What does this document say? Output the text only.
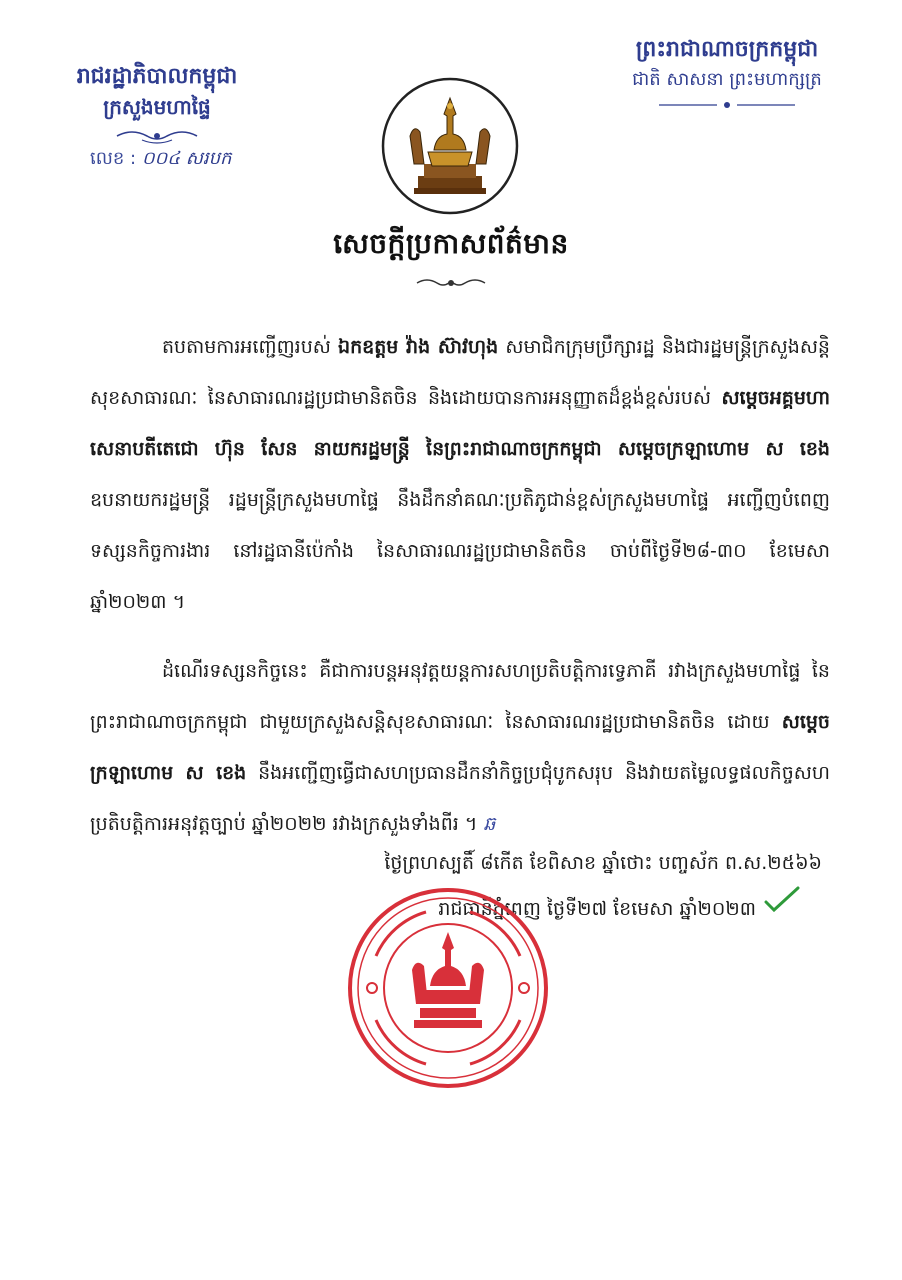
រាជរដ្ឋាភិបាលកម្ពុជា
ក្រសួងមហាផ្ទៃ
លេខ : ០០៤ សរបក
ព្រះរាជាណាចក្រកម្ពុជា
ជាតិ សាសនា ព្រះមហាក្សត្រ
សេចក្ដីប្រកាសព័ត៌មាន

តបតាមការអញ្ជើញរបស់ ឯកឧត្ដម វ៉ាង ស៊ាវហុង សមាជិកក្រុមប្រឹក្សារដ្ឋ និងជារដ្ឋមន្ដ្រីក្រសួងសន្ដិសុខសាធារណៈ នៃសាធារណរដ្ឋប្រជាមានិតចិន និងដោយបានការអនុញ្ញាតដ៏ខ្ពង់ខ្ពស់របស់ សម្ដេចអគ្គមហាសេនាបតីតេជោ ហ៊ុន សែន នាយករដ្ឋមន្ដ្រី នៃព្រះរាជាណាចក្រកម្ពុជា សម្ដេចក្រឡាហោម ស ខេង ឧបនាយករដ្ឋមន្ដ្រី រដ្ឋមន្ដ្រីក្រសួងមហាផ្ទៃ នឹងដឹកនាំគណៈប្រតិភូជាន់ខ្ពស់ក្រសួងមហាផ្ទៃ អញ្ជើញបំពេញទស្សនកិច្ចការងារ នៅរដ្ឋធានីប៉េកាំង នៃសាធារណរដ្ឋប្រជាមានិតចិន ចាប់ពីថ្ងៃទី២៨-៣០ ខែមេសា ឆ្នាំ២០២៣ ។

ដំណើរទស្សនកិច្ចនេះ គឺជាការបន្ដអនុវត្ដយន្ដការសហប្រតិបត្ដិការទ្វេភាគី រវាងក្រសួងមហាផ្ទៃ នៃព្រះរាជាណាចក្រកម្ពុជា ជាមួយក្រសួងសន្ដិសុខសាធារណៈ នៃសាធារណរដ្ឋប្រជាមានិតចិន ដោយ សម្ដេចក្រឡាហោម ស ខេង នឹងអញ្ជើញធ្វើជាសហប្រធានដឹកនាំកិច្ចប្រជុំបូកសរុប និងវាយតម្លៃលទ្ធផលកិច្ចសហប្រតិបត្ដិការអនុវត្ដច្បាប់ ឆ្នាំ២០២២ រវាងក្រសួងទាំងពីរ ។ ឆ

ថ្ងៃព្រហស្បតិ៍ ៨កើត ខែពិសាខ ឆ្នាំថោះ បញ្ចស័ក ព.ស.២៥៦៦
រាជធានីភ្នំពេញ ថ្ងៃទី២៧ ខែមេសា ឆ្នាំ២០២៣
